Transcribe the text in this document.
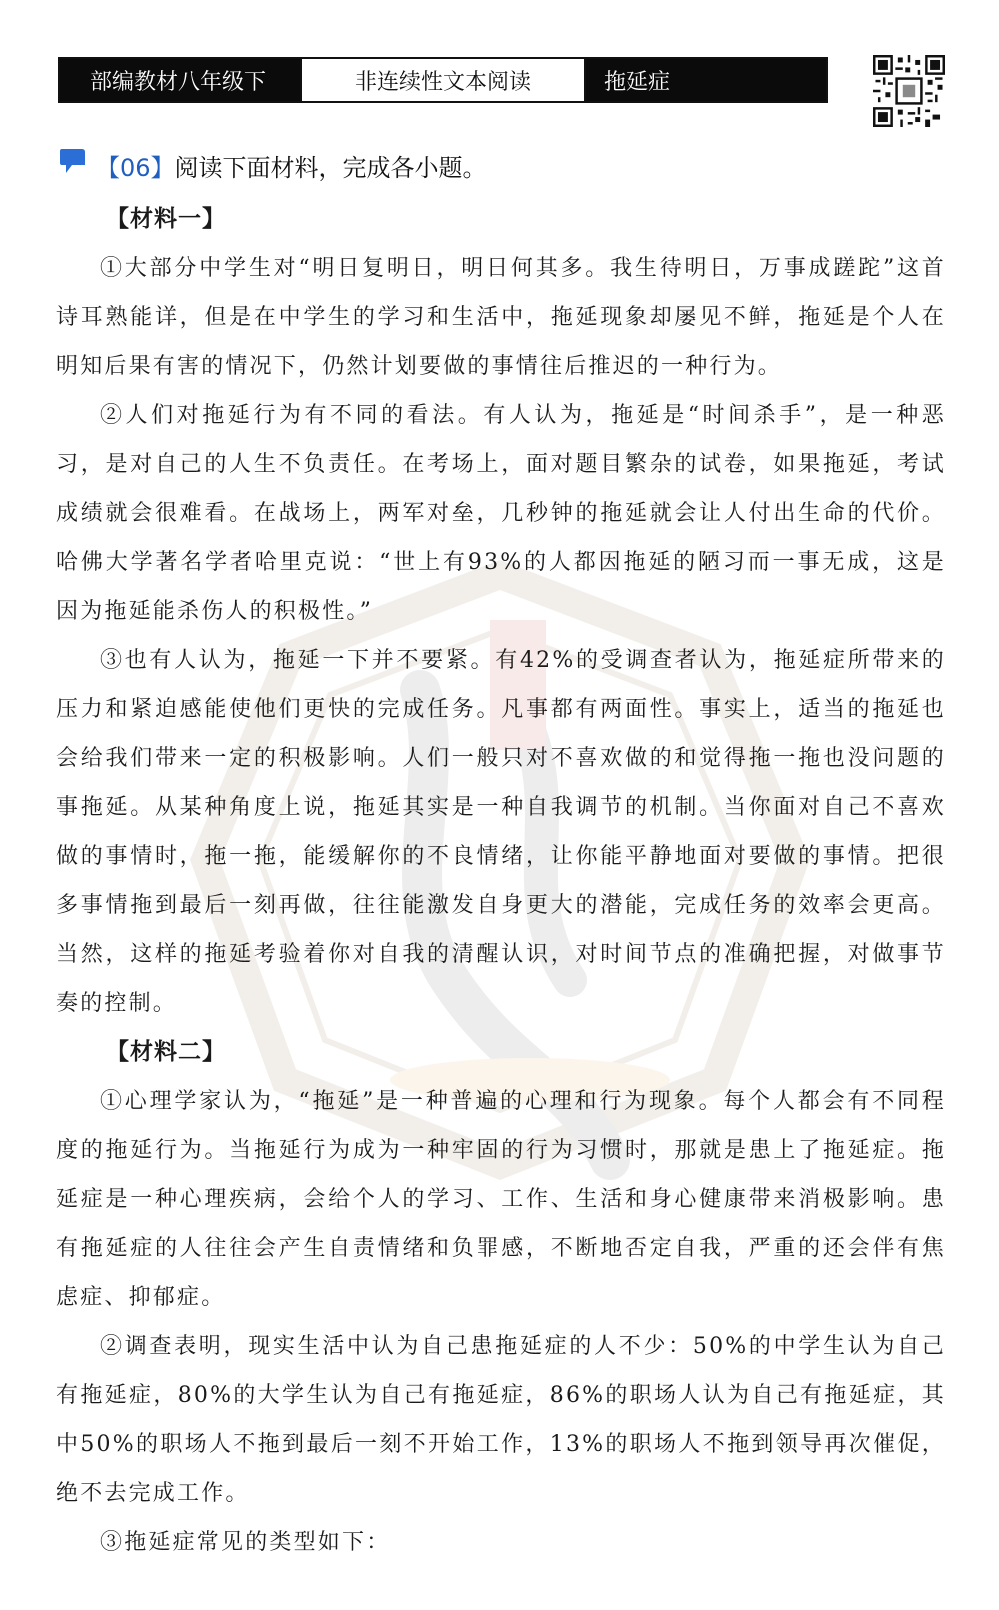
部编教材八年级下	非连续性文本阅读	拖延症
【06】 阅读下面材料，完成各小题。
【材料一】

①大部分中学生对“明日复明日，明日何其多。我生待明日，万事成蹉跎”这首诗耳熟能详，但是在中学生的学习和生活中，拖延现象却屡见不鲜，拖延是个人在明知后果有害的情况下，仍然计划要做的事情往后推迟的一种行为。

②人们对拖延行为有不同的看法。有人认为，拖延是“时间杀手”，是一种恶习，是对自己的人生不负责任。在考场上，面对题目繁杂的试卷，如果拖延，考试成绩就会很难看。在战场上，两军对垒，几秒钟的拖延就会让人付出生命的代价。哈佛大学著名学者哈里克说：“世上有93%的人都因拖延的陋习而一事无成，这是因为拖延能杀伤人的积极性。”

③也有人认为，拖延一下并不要紧。有42%的受调查者认为，拖延症所带来的压力和紧迫感能使他们更快的完成任务。凡事都有两面性。事实上，适当的拖延也会给我们带来一定的积极影响。人们一般只对不喜欢做的和觉得拖一拖也没问题的事拖延。从某种角度上说，拖延其实是一种自我调节的机制。当你面对自己不喜欢做的事情时，拖一拖，能缓解你的不良情绪，让你能平静地面对要做的事情。把很多事情拖到最后一刻再做，往往能激发自身更大的潜能，完成任务的效率会更高。当然，这样的拖延考验着你对自我的清醒认识，对时间节点的准确把握，对做事节奏的控制。

【材料二】

①心理学家认为，“拖延”是一种普遍的心理和行为现象。每个人都会有不同程度的拖延行为。当拖延行为成为一种牢固的行为习惯时，那就是患上了拖延症。拖延症是一种心理疾病，会给个人的学习、工作、生活和身心健康带来消极影响。患有拖延症的人往往会产生自责情绪和负罪感，不断地否定自我，严重的还会伴有焦虑症、抑郁症。

②调查表明，现实生活中认为自己患拖延症的人不少：50%的中学生认为自己有拖延症，80%的大学生认为自己有拖延症，86%的职场人认为自己有拖延症，其中50%的职场人不拖到最后一刻不开始工作，13%的职场人不拖到领导再次催促，绝不去完成工作。

③拖延症常见的类型如下：
